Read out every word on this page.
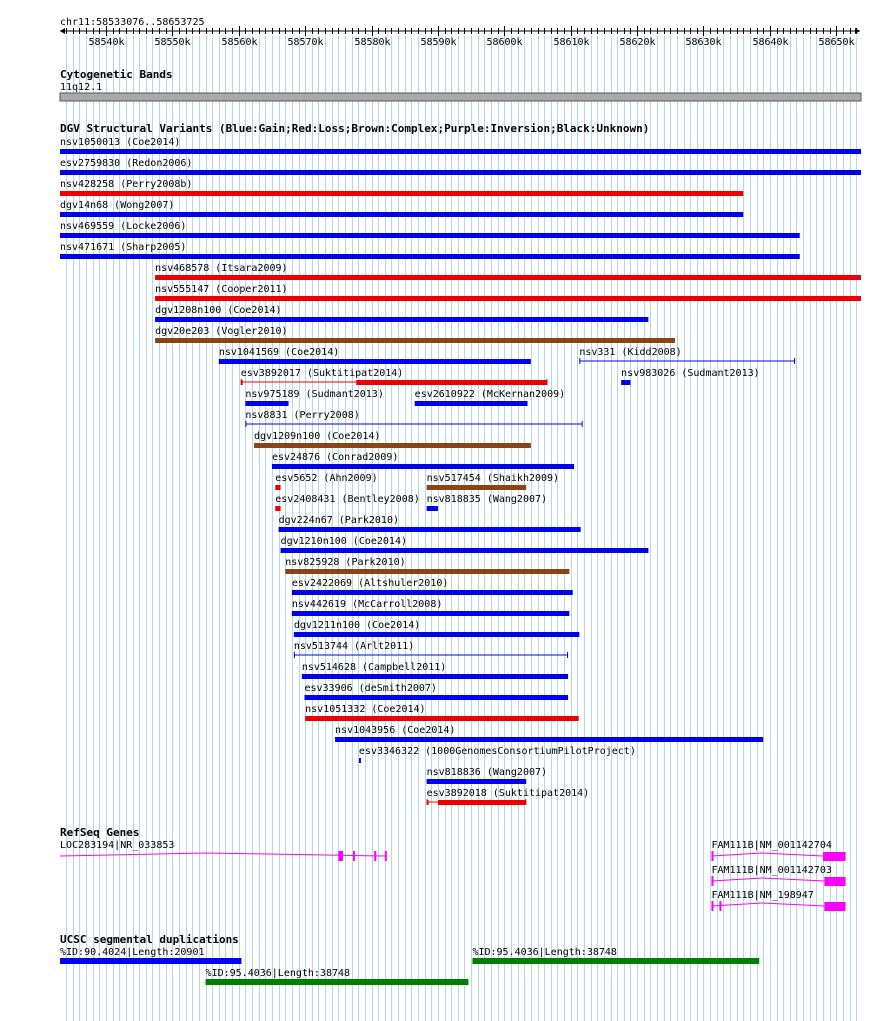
chr11:58533076..58653725
58540k	58550k	58560k	58570k	58580k	58590k	58600k	58610k	58620k	58630k	58640k	58650k
Cytogenetic Bands
11q12.1
DGV Structural Variants (Blue:Gain;Red:Loss;Brown:Complex;Purple:Inversion;Black:Unknown)
nsv1050013 (Coe2014)
esv2759830 (Redon2006)
nsv428258 (Perry2008b)
dgv14n68 (Wong2007)
nsv469559 (Locke2006)
nsv471671 (Sharp2005)
nsv468578 (Itsara2009)
nsv555147 (Cooper2011)
dgv1208n100 (Coe2014)
dgv20e203 (Vogler2010)
nsv1041569 (Coe2014)	nsv331 (Kidd2008)
esv3892017 (Suktitipat2014)	nsv983026 (Sudmant2013)
nsv975189 (Sudmant2013)	esv2610922 (McKernan2009)
nsv8831 (Perry2008)
dgv1209n100 (Coe2014)
esv24876 (Conrad2009)
esv5652 (Ahn2009)	nsv517454 (Shaikh2009)
esv2408431 (Bentley2008) nsv818835 (Wang2007)
dgv224n67 (Park2010)
dgv1210n100 (Coe2014)
nsv825928 (Park2010)
esv2422069 (Altshuler2010)
nsv442619 (McCarroll2008)
dgv1211n100 (Coe2014)
nsv513744 (Arlt2011)
nsv514628 (Campbell2011)
esv33906 (deSmith2007)
nsv1051332 (Coe2014)
nsv1043956 (Coe2014)
esv3346322 (1000GenomesConsortiumPilotProject)
nsv818836 (Wang2007)
esv3892018 (Suktitipat2014)
RefSeq Genes
LOC283194|NR_033853	FAM111B|NM_001142704
FAM111B|NM_001142703
FAM111B|NM_198947
UCSC segmental duplications
%ID:90.4024|Length:20901	%ID:95.4036|Length:38748
%ID:95.4036|Length:38748
